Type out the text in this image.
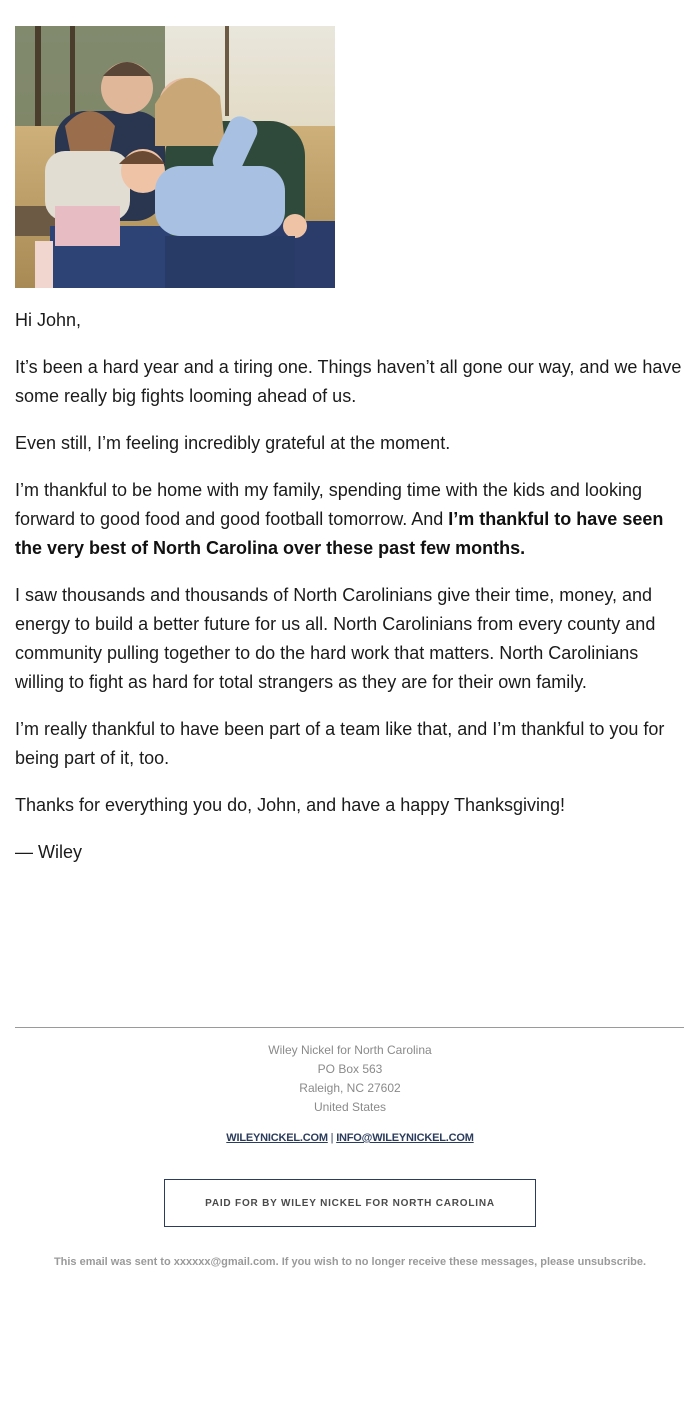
Hi John,

It’s been a hard year and a tiring one. Things haven’t all gone our way, and we have some really big fights looming ahead of us.

Even still, I’m feeling incredibly grateful at the moment.

I’m thankful to be home with my family, spending time with the kids and looking forward to good food and good football tomorrow. And I’m thankful to have seen the very best of North Carolina over these past few months.

I saw thousands and thousands of North Carolinians give their time, money, and energy to build a better future for us all. North Carolinians from every county and community pulling together to do the hard work that matters. North Carolinians willing to fight as hard for total strangers as they are for their own family.

I’m really thankful to have been part of a team like that, and I’m thankful to you for being part of it, too.

Thanks for everything you do, John, and have a happy Thanksgiving!

— Wiley

Wiley Nickel for North Carolina
PO Box 563
Raleigh, NC 27602
United States
WILEYNICKEL.COM | INFO@WILEYNICKEL.COM
PAID FOR BY WILEY NICKEL FOR NORTH CAROLINA
This email was sent to xxxxxx@gmail.com. If you wish to no longer receive these messages, please unsubscribe.
